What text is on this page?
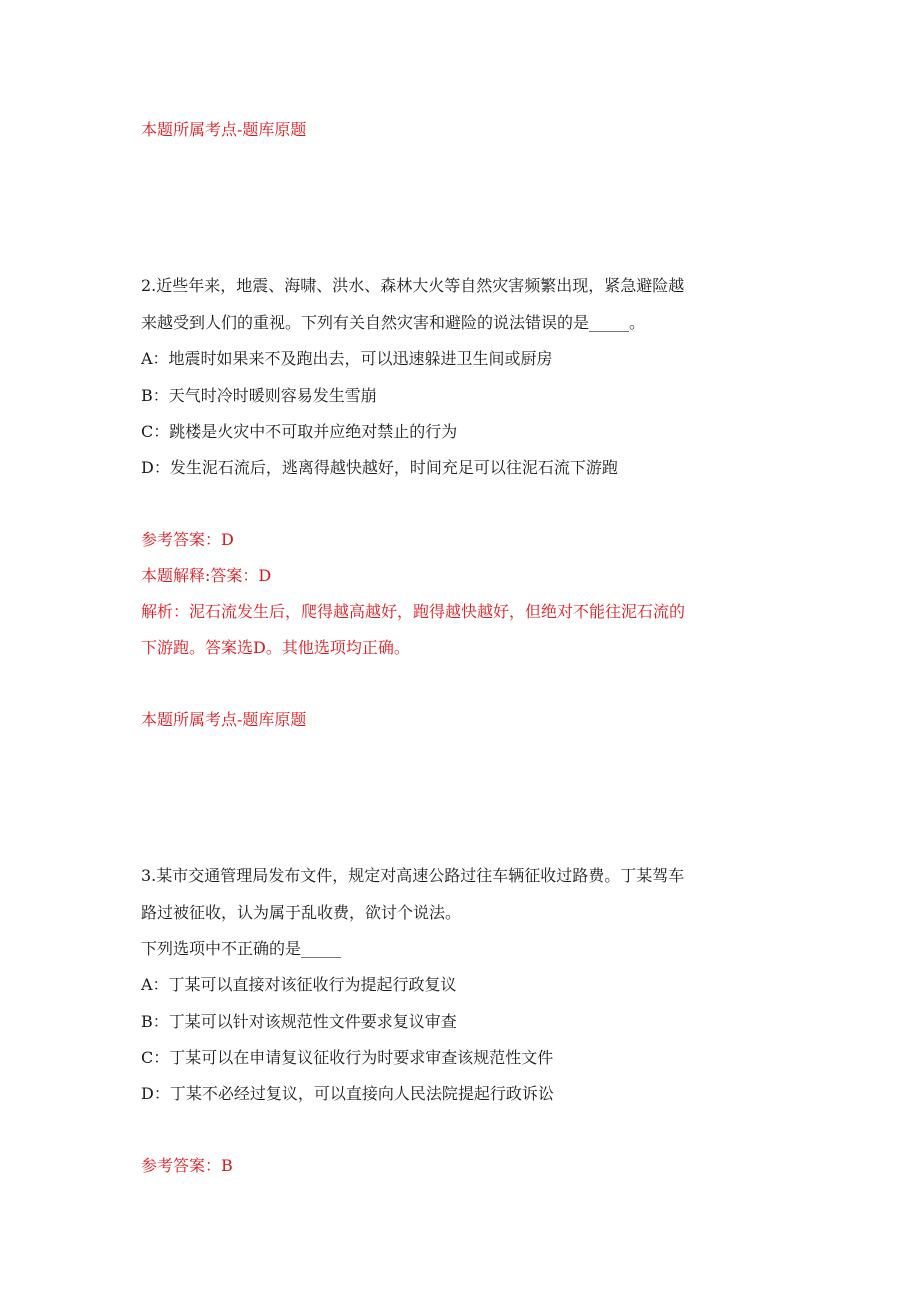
本题所属考点-题库原题
2.近些年来，地震、海啸、洪水、森林大火等自然灾害频繁出现，紧急避险越
来越受到人们的重视。下列有关自然灾害和避险的说法错误的是_____。
A：地震时如果来不及跑出去，可以迅速躲进卫生间或厨房
B：天气时冷时暖则容易发生雪崩
C：跳楼是火灾中不可取并应绝对禁止的行为
D：发生泥石流后，逃离得越快越好，时间充足可以往泥石流下游跑
参考答案：D
本题解释:答案：D
解析：泥石流发生后，爬得越高越好，跑得越快越好，但绝对不能往泥石流的
下游跑。答案选D。其他选项均正确。
本题所属考点-题库原题
3.某市交通管理局发布文件，规定对高速公路过往车辆征收过路费。丁某驾车
路过被征收，认为属于乱收费，欲讨个说法。
下列选项中不正确的是_____
A：丁某可以直接对该征收行为提起行政复议
B：丁某可以针对该规范性文件要求复议审查
C：丁某可以在申请复议征收行为时要求审查该规范性文件
D：丁某不必经过复议，可以直接向人民法院提起行政诉讼
参考答案：B
